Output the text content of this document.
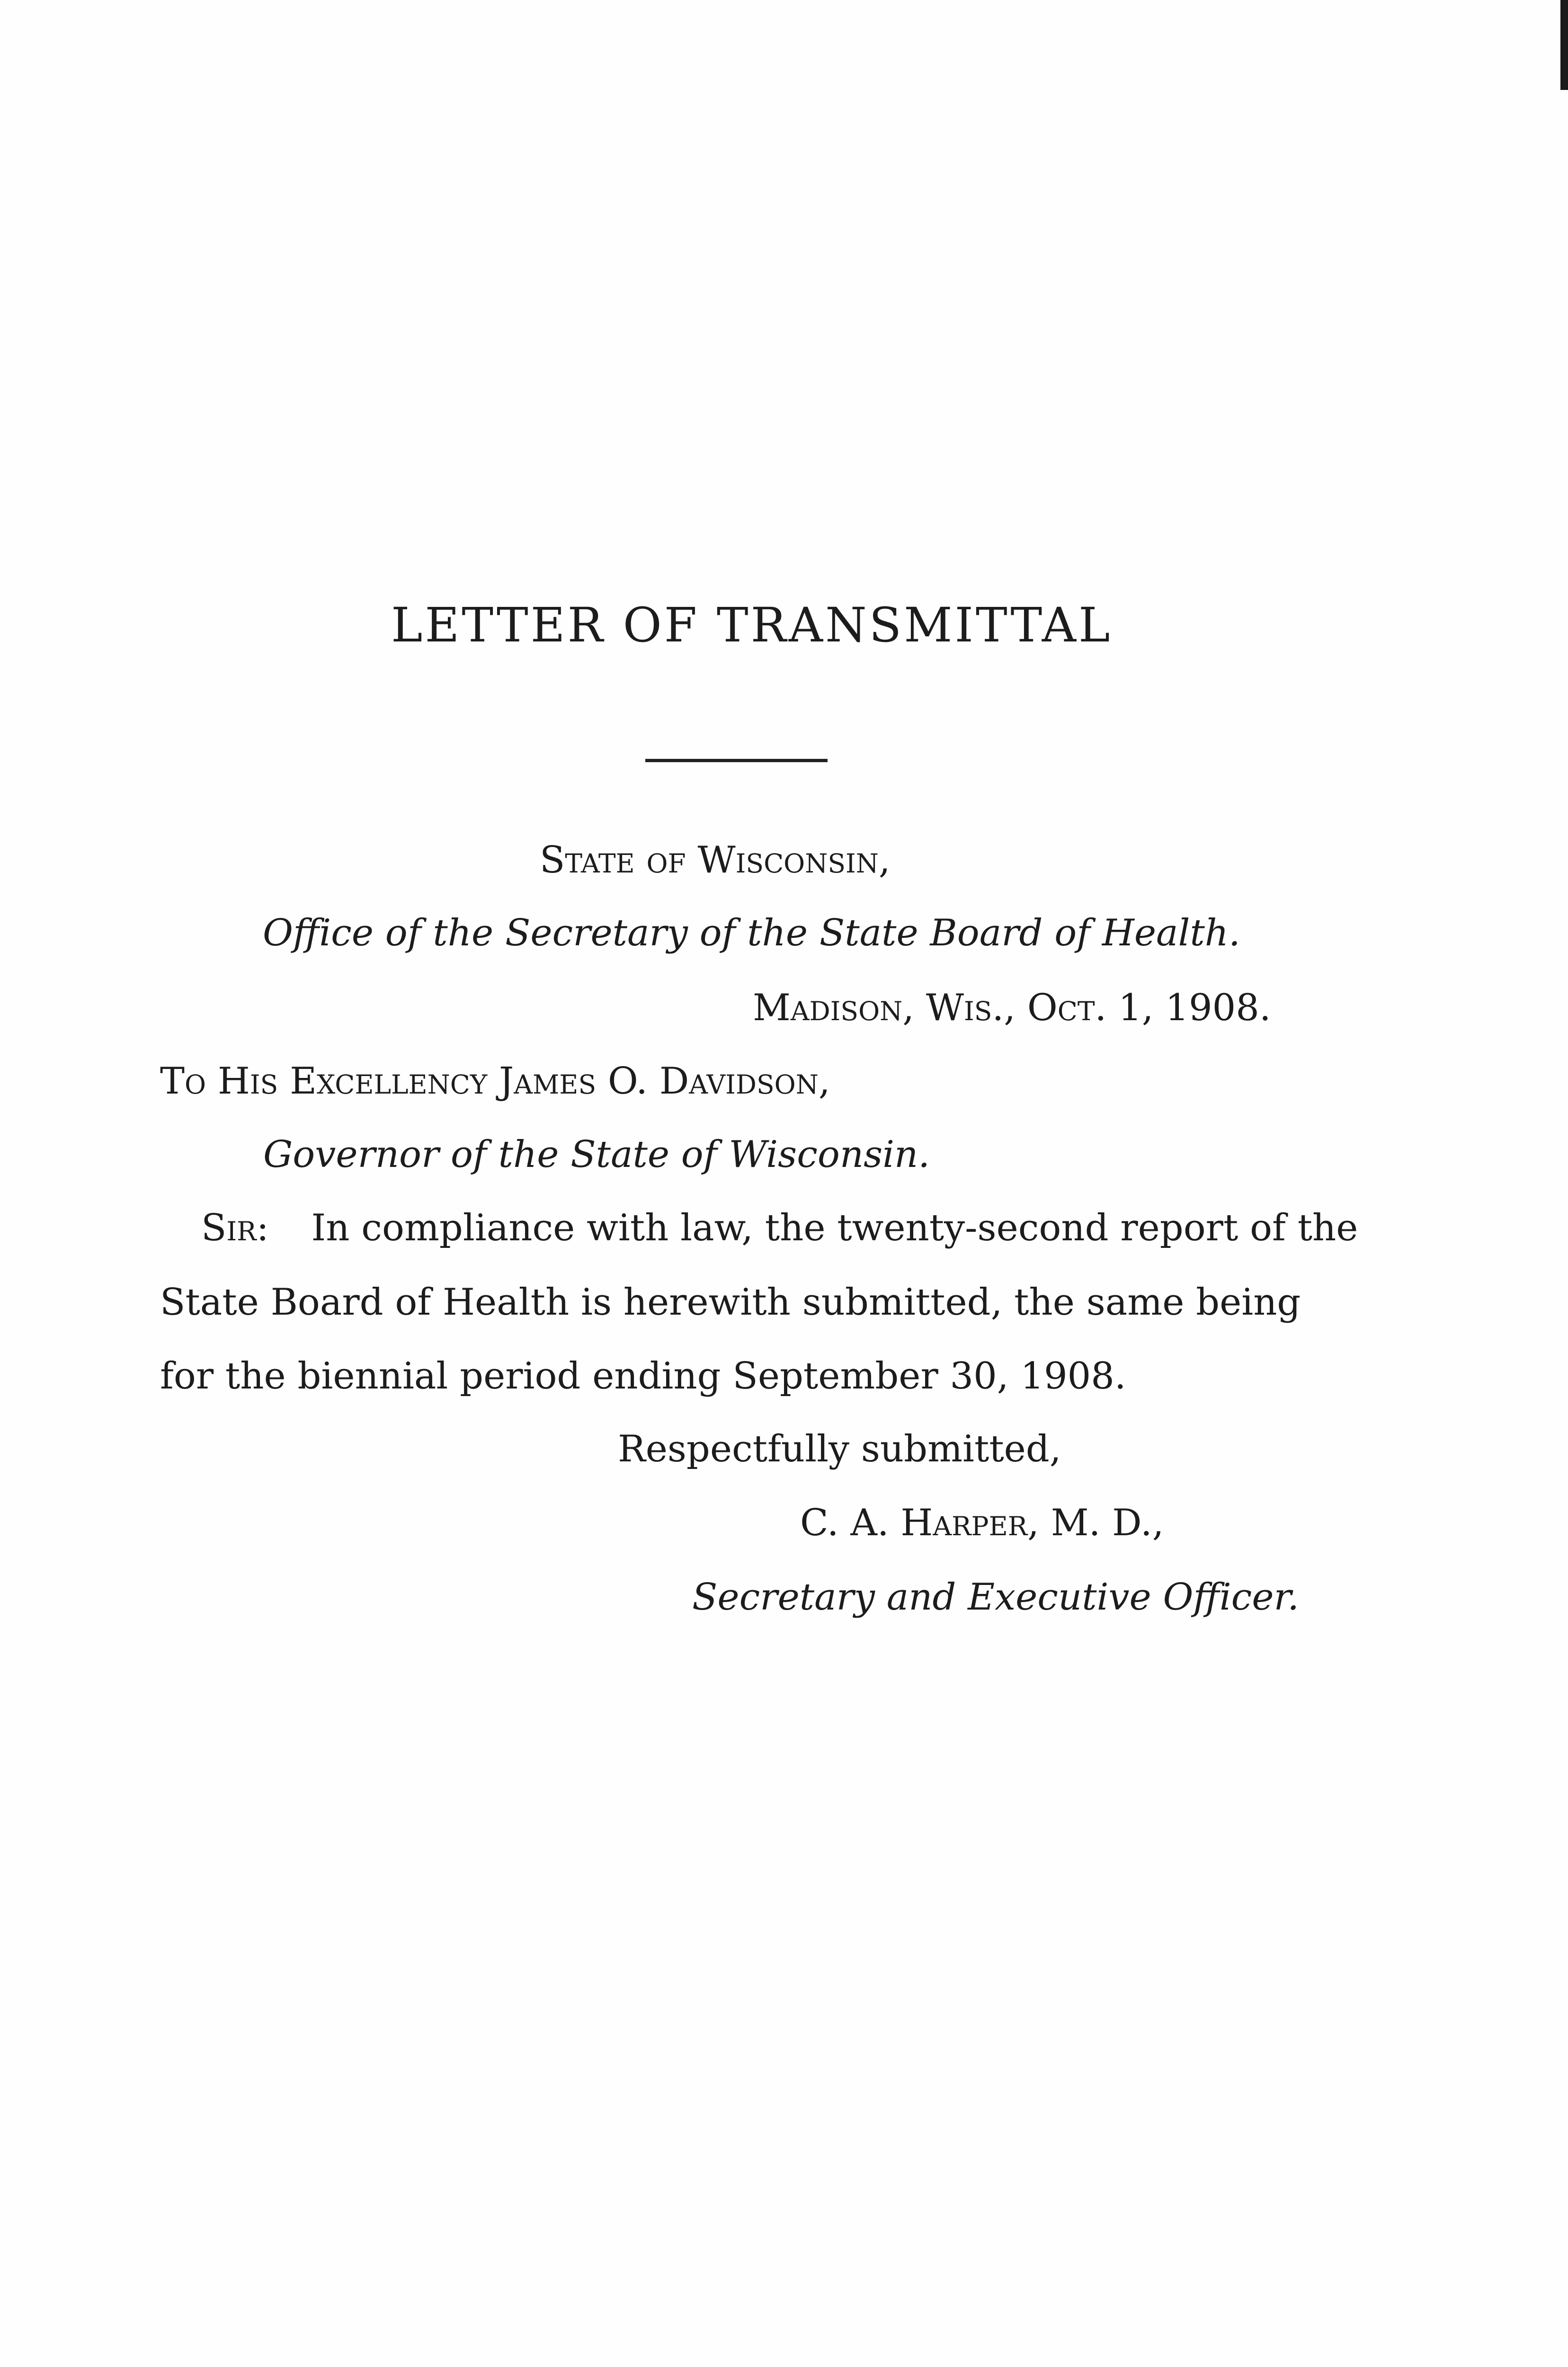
LETTER OF TRANSMITTAL
State of Wisconsin,
Office of the Secretary of the State Board of Health.
Madison, Wis., Oct. 1, 1908.
To His Excellency James O. Davidson,
Governor of the State of Wisconsin.
Sir: In compliance with law, the twenty-second report of the
State Board of Health is herewith submitted, the same being
for the biennial period ending September 30, 1908.
Respectfully submitted,
C. A. Harper, M. D.,
Secretary and Executive Officer.
